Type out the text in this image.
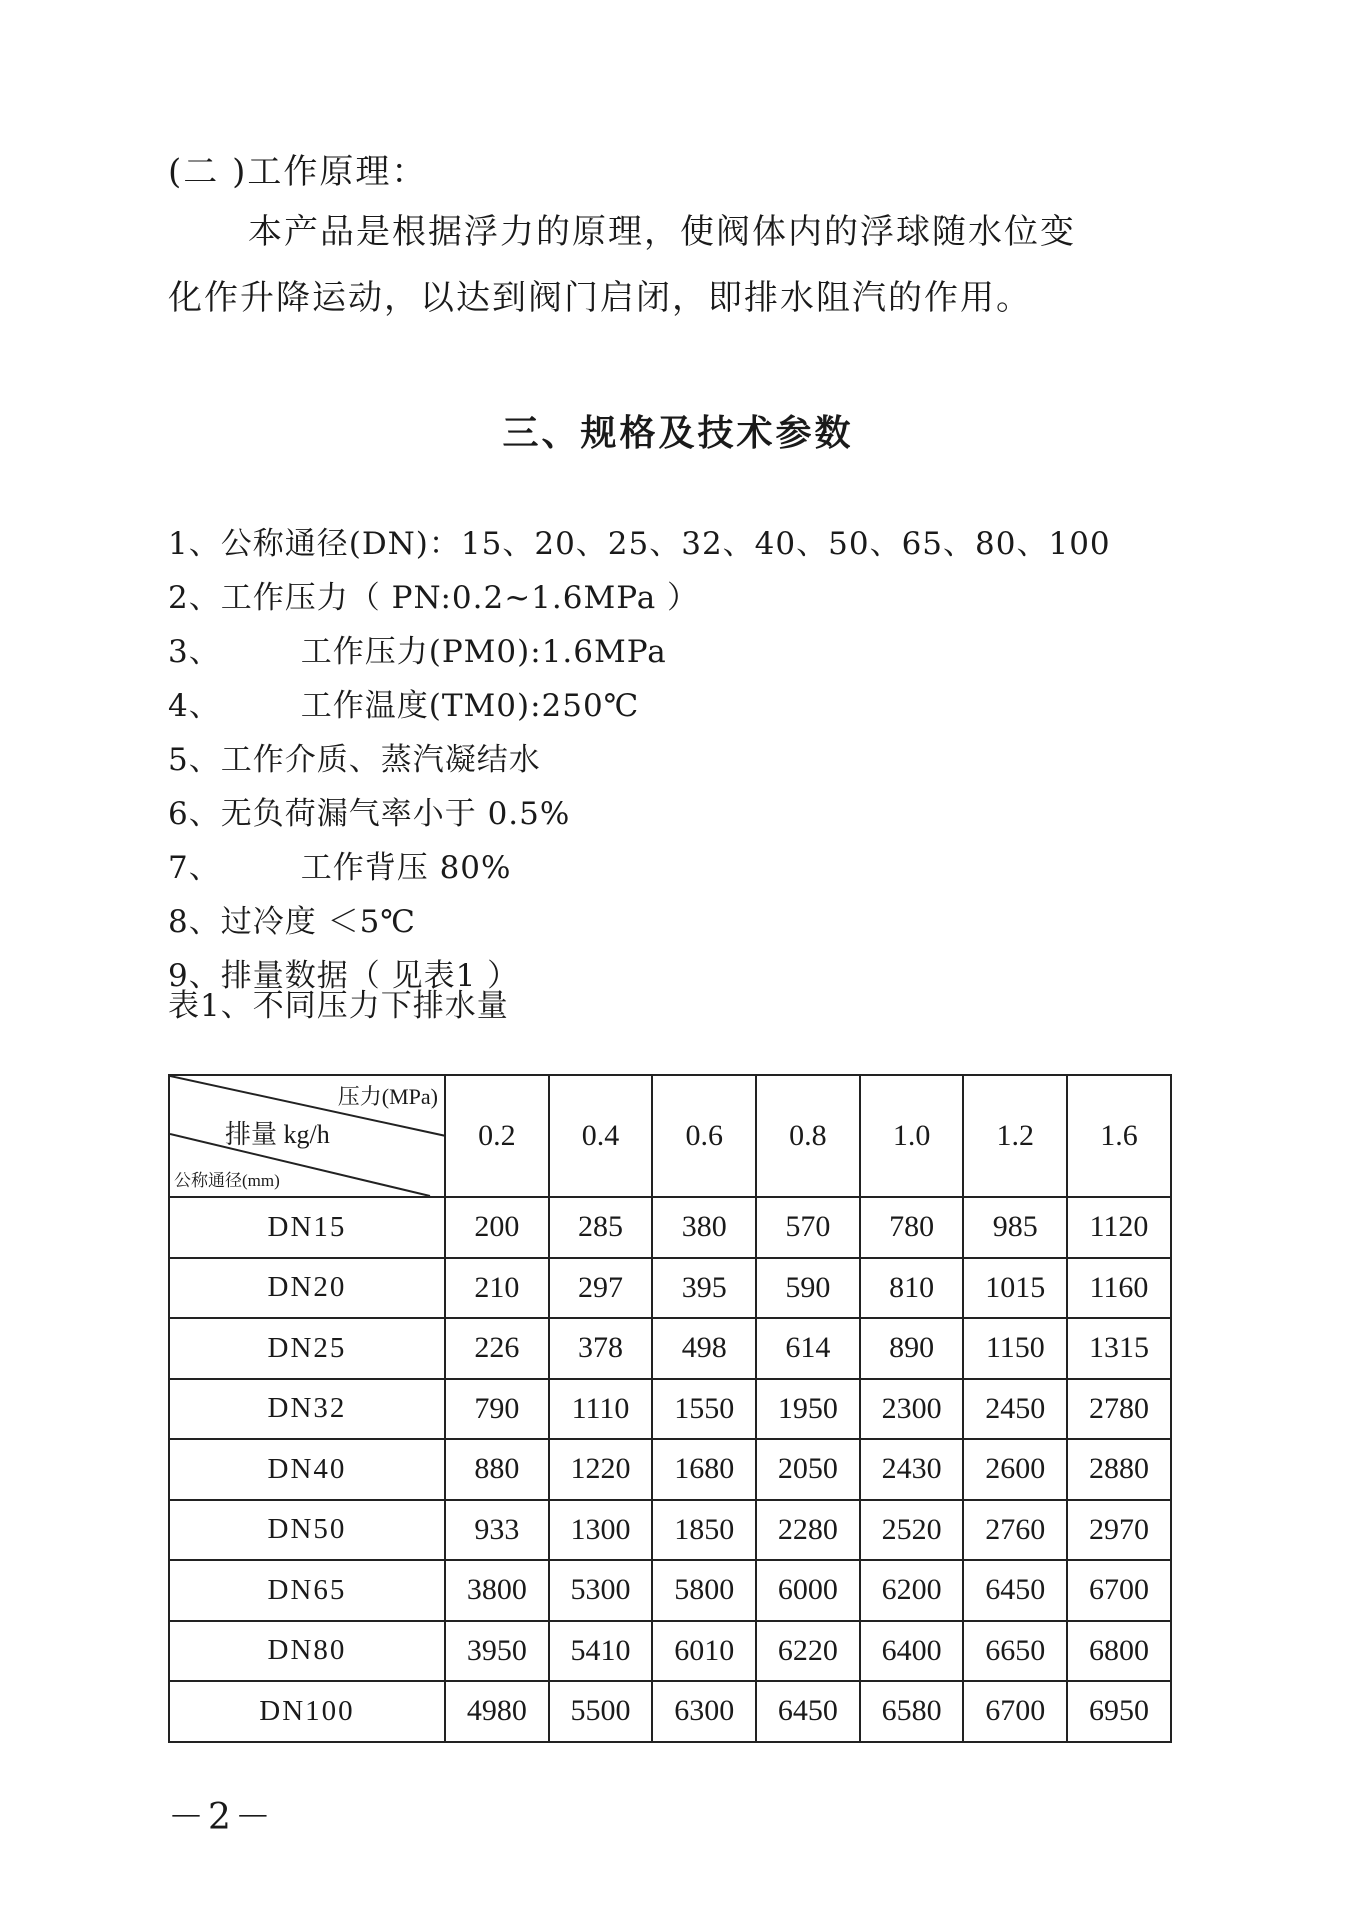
(二 )工作原理：
本产品是根据浮力的原理，使阀体内的浮球随水位变
化作升降运动，以达到阀门启闭，即排水阻汽的作用。
三、规格及技术参数
1、公称通径(DN)：15、20、25、32、40、50、65、80、100
2、工作压力（ PN:0.2~1.6MPa ）
3、	工作压力(PM0):1.6MPa
4、	工作温度(TM0):250℃
5、工作介质、蒸汽凝结水
6、无负荷漏气率小于 0.5%
7、	工作背压 80%
8、过冷度 ＜5℃
9、排量数据（ 见表1 ）
表1、不同压力下排水量
压力(MPa)
排量 kg/h
公称通径(mm)	0.2	0.4	0.6	0.8	1.0	1.2	1.6
DN15	200	285	380	570	780	985	1120
DN20	210	297	395	590	810	1015	1160
DN25	226	378	498	614	890	1150	1315
DN32	790	1110	1550	1950	2300	2450	2780
DN40	880	1220	1680	2050	2430	2600	2880
DN50	933	1300	1850	2280	2520	2760	2970
DN65	3800	5300	5800	6000	6200	6450	6700
DN80	3950	5410	6010	6220	6400	6650	6800
DN100	4980	5500	6300	6450	6580	6700	6950
－2－
